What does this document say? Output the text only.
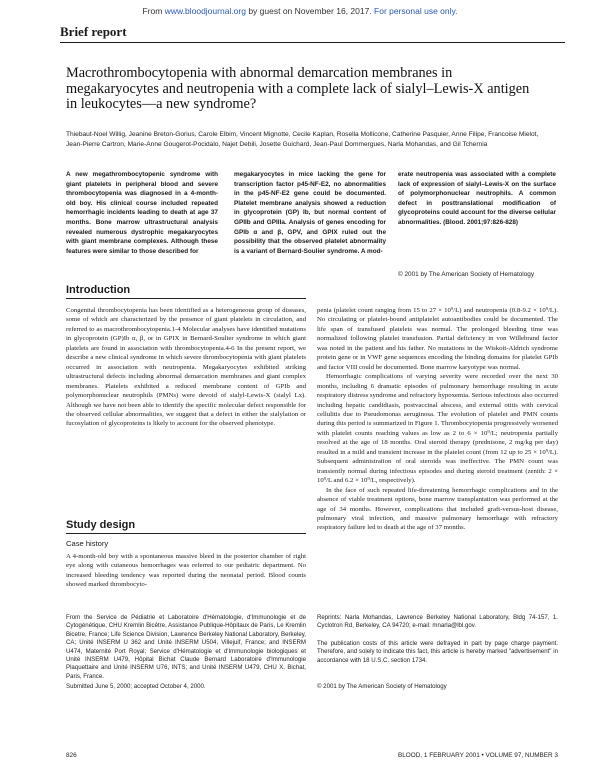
From www.bloodjournal.org by guest on November 16, 2017. For personal use only.
Brief report
Macrothrombocytopenia with abnormal demarcation membranes in megakaryocytes and neutropenia with a complete lack of sialyl–Lewis-X antigen in leukocytes—a new syndrome?
Thiebaut-Noel Willig, Jeanine Breton-Gorius, Carole Elbim, Vincent Mignotte, Cecile Kaplan, Rosella Mollicone, Catherine Pasquier, Anne Filipe, Francoise Mielot, Jean-Pierre Cartron, Marie-Anne Gougerot-Pocidalo, Najet Debili, Josette Guichard, Jean-Paul Dommergues, Narla Mohandas, and Gil Tchernia
A new megathrombocytopenic syndrome with giant platelets in peripheral blood and severe thrombocytopenia was diagnosed in a 4-month-old boy. His clinical course included repeated hemorrhagic incidents leading to death at age 37 months. Bone marrow ultrastructural analysis revealed numerous dystrophic megakaryocytes with giant membrane complexes. Although these features were similar to those described for
megakaryocytes in mice lacking the gene for transcription factor p45-NF-E2, no abnormalities in the p45-NF-E2 gene could be documented. Platelet membrane analysis showed a reduction in glycoprotein (GP) Ib, but normal content of GPIIb and GPIIIa. Analysis of genes encoding for GPIb α and β, GPV, and GPIX ruled out the possibility that the observed platelet abnormality is a variant of Bernard-Soulier syndrome. A mod-
erate neutropenia was associated with a complete lack of expression of sialyl–Lewis-X on the surface of polymorphonuclear neutrophils. A common defect in posttranslational modification of glycoproteins could account for the diverse cellular abnormalities. (Blood. 2001;97:826-828)
© 2001 by The American Society of Hematology
Introduction

Congenital thrombocytopenia has been identified as a heterogeneous group of diseases, some of which are characterized by the presence of giant platelets in circulation, and referred to as macrothrombocytopenia.1-4 Molecular analyses have identified mutations in glycoprotein (GP)Ib α, β, or in GPIX in Bernard-Soulier syndrome in which giant platelets are found in association with thrombocytopenia.4-6 In the present report, we describe a new clinical syndrome in which severe thrombocytopenia with giant platelets occurred in association with neutropenia. Megakaryocytes exhibited striking ultrastructural defects including abnormal demarcation membranes and giant complex membranes. Platelets exhibited a reduced membrane content of GPIb and polymorphonuclear neutrophils (PMNs) were devoid of sialyl-Lewis-X (sialyl Lx). Although we have not been able to identify the specific molecular defect responsible for the observed cellular abnormalities, we suggest that a defect in either the sialylation or fucosylation of glycoproteins is likely to account for the observed phenotype.

Study design
Case history

A 4-month-old boy with a spontaneous massive bleed in the posterior chamber of right eye along with cutaneous hemorrhages was referred to our pediatric department. No increased bleeding tendency was reported during the neonatal period. Blood counts showed marked thrombocyto-

penia (platelet count ranging from 15 to 27 × 10⁹/L) and neutropenia (0.8-9.2 × 10⁹/L). No circulating or platelet-bound antiplatelet autoantibodies could be documented. The life span of transfused platelets was normal. The prolonged bleeding time was normalized following platelet transfusion. Partial deficiency in von Willebrand factor was noted in the patient and his father. No mutations in the Wiskott-Aldrich syndrome protein gene or in VWF gene sequences encoding the binding domains for platelet GPIb and factor VIII could be documented. Bone marrow karyotype was normal.

Hemorrhagic complications of varying severity were recorded over the next 30 months, including 6 dramatic episodes of pulmonary hemorrhage resulting in acute respiratory distress syndrome and refractory hypoxemia. Serious infectious also occurred including hepatic candidiasis, postvaccinal abscess, and external otitis with cervical cellulitis due to Pseudomonas aeruginosa. The evolution of platelet and PMN counts during this period is summarized in Figure 1. Thrombocytopenia progressively worsened with platelet counts reaching values as low as 2 to 6 × 10⁹/L; neutropenia partially resolved at the age of 18 months. Oral steroid therapy (prednisone, 2 mg/kg per day) resulted in a mild and transient increase in the platelet count (from 12 up to 25 × 10⁹/L). Subsequent administration of oral steroids was ineffective. The PMN count was transiently normal during infectious episodes and during steroid treatment (zenith: 2 × 10⁹/L and 6.2 × 10⁹/L, respectively).

In the face of such repeated life-threatening hemorrhagic complications and in the absence of viable treatment options, bone marrow transplantation was performed at the age of 34 months. However, complications that included graft-versus-host disease, pulmonary viral infection, and massive pulmonary hemorrhage with refractory respiratory failure led to death at the age of 37 months.

From the Service de Pédiatrie et Laboratoire d'Hématologie, d'Immunologie et de Cytogénétique, CHU Kremlin Bicêtre, Assistance Publique-Hôpitaux de Paris, Le Kremlin Bicetre, France; Life Science Division, Lawrence Berkeley National Laboratory, Berkeley, CA; Unité INSERM U 362 and Unité INSERM U504, Villejuif, France; and INSERM U474, Maternité Port Royal; Service d'Hématologie et d'Immunologie biologiques et Unité INSERM U479, Hôpital Bichat Claude Bernard Laboratoire d'Immunologie Plaquettaire and Unité INSERM U76, INTS; and Unité INSERM U479, CHU X. Bichat, Paris, France.
Submitted June 5, 2000; accepted October 4, 2000.
Reprints: Narla Mohandas, Lawrence Berkeley National Laboratory, Bldg 74-157, 1. Cyclotron Rd, Berkeley, CA 94720; e-mail: mnarla@lbl.gov.
The publication costs of this article were defrayed in part by page charge payment. Therefore, and solely to indicate this fact, this article is hereby marked "advertisement" in accordance with 18 U.S.C. section 1734.
© 2001 by The American Society of Hematology
826	BLOOD, 1 FEBRUARY 2001 • VOLUME 97, NUMBER 3
